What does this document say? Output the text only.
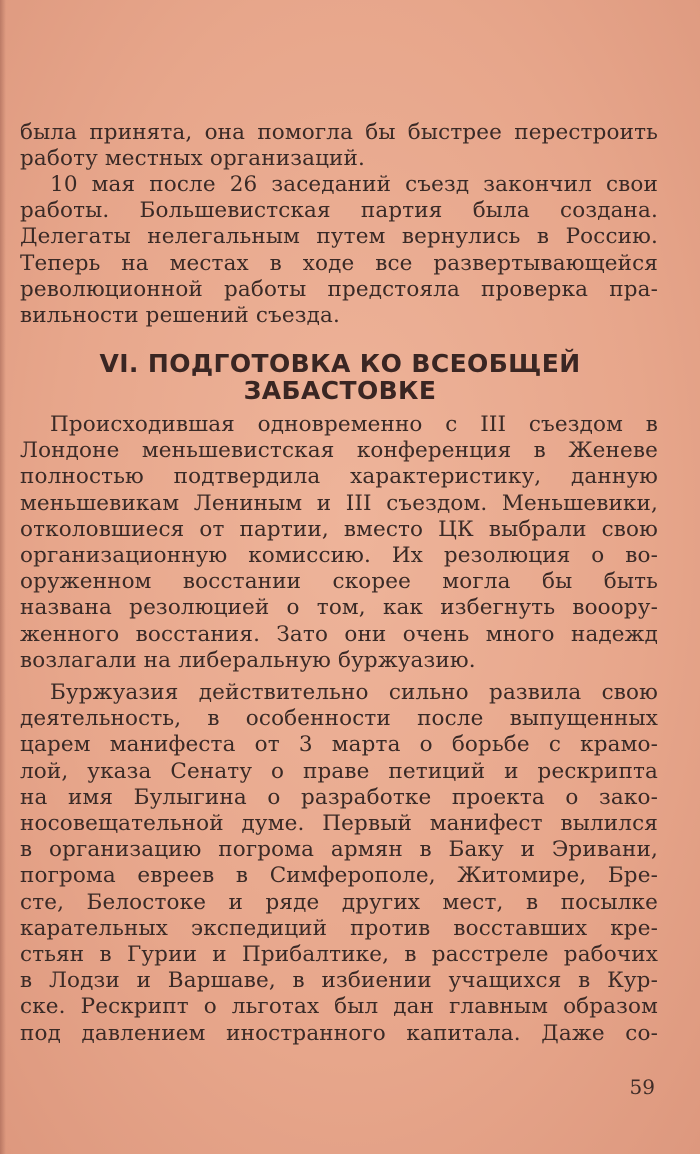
была принята, она помогла бы быстрее перестроить
работу местных организаций.
10 мая после 26 заседаний съезд закончил свои
работы. Большевистская партия была создана.
Делегаты нелегальным путем вернулись в Россию.
Теперь на местах в ходе все развертывающейся
революционной работы предстояла проверка пра-
вильности решений съезда.
VI. ПОДГОТОВКА КО ВСЕОБЩЕЙ
ЗАБАСТОВКЕ
Происходившая одновременно с III съездом в
Лондоне меньшевистская конференция в Женеве
полностью подтвердила характеристику, данную
меньшевикам Лениным и III съездом. Меньшевики,
отколовшиеся от партии, вместо ЦК выбрали свою
организационную комиссию. Их резолюция о во-
оруженном восстании скорее могла бы быть
названа резолюцией о том, как избегнуть вооору-
женного восстания. Зато они очень много надежд
возлагали на либеральную буржуазию.
Буржуазия действительно сильно развила свою
деятельность, в особенности после выпущенных
царем манифеста от 3 марта о борьбе с крамо-
лой, указа Сенату о праве петиций и рескрипта
на имя Булыгина о разработке проекта о зако-
носовещательной думе. Первый манифест вылился
в организацию погрома армян в Баку и Эривани,
погрома евреев в Симферополе, Житомире, Бре-
сте, Белостоке и ряде других мест, в посылке
карательных экспедиций против восставших кре-
стьян в Гурии и Прибалтике, в расстреле рабочих
в Лодзи и Варшаве, в избиении учащихся в Кур-
ске. Рескрипт о льготах был дан главным образом
под давлением иностранного капитала. Даже со-
59
